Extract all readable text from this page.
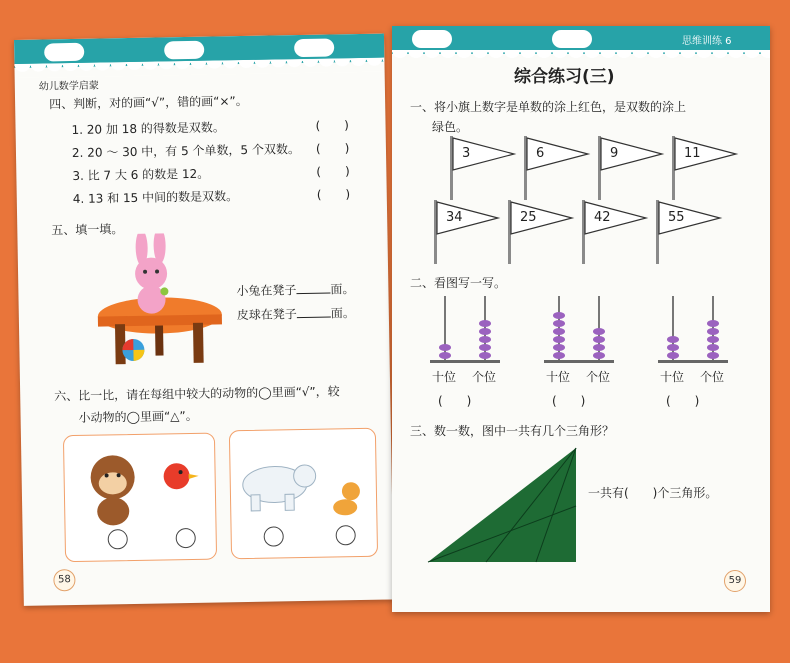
幼儿数学启蒙
四、判断，对的画“√”，错的画“×”。
1. 20 加 18 的得数是双数。	(　　)
2. 20 ～ 30 中，有 5 个单数，5 个双数。 (　　)
3. 比 7 大 6 的数是 12。	(　　)
4. 13 和 15 中间的数是双数。	(　　)
五、填一填。
小兔在凳子	面。
皮球在凳子	面。
六、比一比，请在每组中较大的动物的◯里画“√”，较
小动物的◯里画“△”。
58
思维训练 6
综合练习(三)
一、将小旗上数字是单数的涂上红色，是双数的涂上
绿色。
二、看图写一写。
三、数一数，图中一共有几个三角形？
一共有(　　)个三角形。
59
3	6	9	11
34	25	42	55
十位 个位
(　　)
十位 个位
(　　)
十位 个位
(　　)
